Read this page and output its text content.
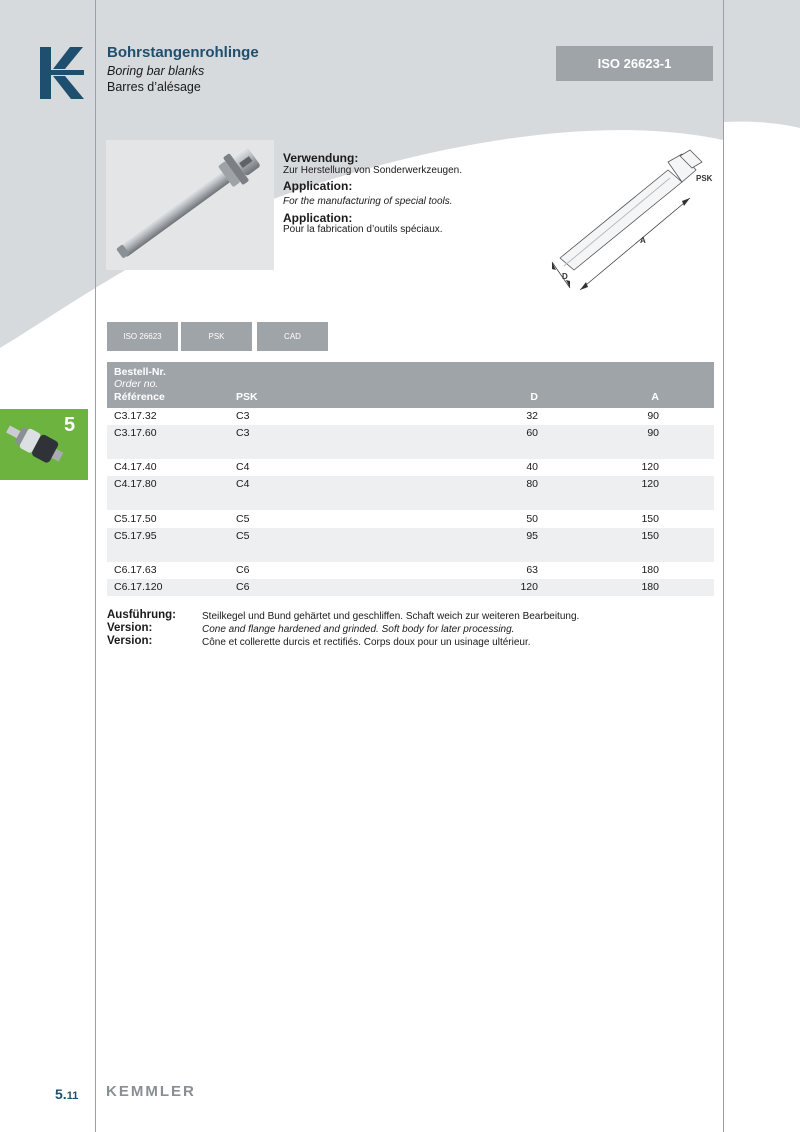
Bohrstangenrohlinge
Boring bar blanks
Barres d’alésage
ISO 26623-1
Verwendung:
Zur Herstellung von Sonderwerkzeugen.
Application:
For the manufacturing of special tools.
Application:
Pour la fabrication d’outils spéciaux.
PSK
A
D
ISO 26623	PSK	CAD
5
Bestell-Nr.
Order no.
Référence	PSK	D	A
C3.17.32	C3	32	90
C3.17.60	C3	60	90
C4.17.40	C4	40	120
C4.17.80	C4	80	120
C5.17.50	C5	50	150
C5.17.95	C5	95	150
C6.17.63	C6	63	180
C6.17.120	C6	120	180
Ausführung:	Steilkegel und Bund gehärtet und geschliffen. Schaft weich zur weiteren Bearbeitung.
Version:	Cone and flange hardened and grinded. Soft body for later processing.
Version:	Cône et collerette durcis et rectifiés. Corps doux pour un usinage ultérieur.
5.11 KEMMLER
